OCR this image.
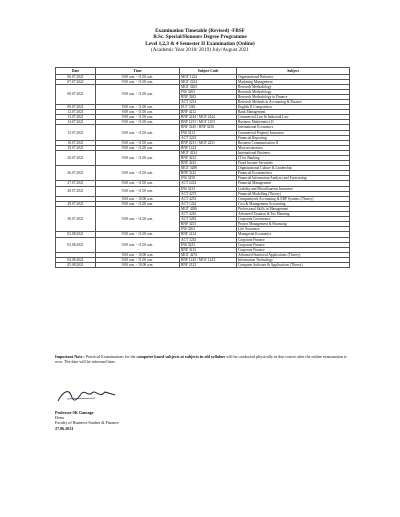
Examination Timetable (Revised) -FBSF
B.Sc. Special/Honours Degree Programme
Level 1,2,3 & 4 Semester II Examination (Online)
(Academic Year 2018/ 2019) July/August 2021
Date	Time	Subject Code	Subject
06.07.2021	9.00 a.m. - 11.00 a.m.	MGT 1224	Organizational Behavior
07.07.2022	9.00 a.m. - 11.00 a.m.	MGT 2224	Marketing Management
08.07.2021	9.00 a.m. - 11.00 a.m.	MGT 3263	Research Methodology
		INS 3263	Research Methodology
		BNF 3263	Research Methodology in Finance
		ACT 3214	Research Methods in Accounting & Finance
09.07.2021	9.00 a.m. - 11.00 a.m.	ELT 1240	English II Composition
12.07.2021	9.00 a.m. - 11.00 a.m.	BNF 4212	Bank Management
13.07.2021	9.00 a.m. - 11.00 a.m.	BNF 2244 / MGT 2244	Commercial Law & Industrial Law
14.07.2021	9.00 a.m. - 11.00 a.m.	BNF 1253 / MGT 1253	Business Mathematics II
15.07.2021	9.00 a.m. - 11.00 a.m.	BNF 3245 / BNF 3250	International Economics
		INS 3213	Commercial Property Insurance
		ACT 3223	Financial Reporting
16.07.2021	9.00 a.m. - 11.00 a.m.	BNF 2231 / MGT 2231	Business Communication II
19.07.2021	9.00 a.m. - 11.00 a.m.	BNF 1224	Macroeconomics
20.07.2021	9.00 a.m. - 11.00 a.m.	MGT 4234	International Business
		BNF 4222	IT for Banking
		BNF 4242	Fixed Income Securities
26.07.2021	9.00 a.m. - 11.00 a.m.	MGT 3288	Organizational Culture & Leadership
		BNF 3222	Financial Econometrics
		INS 3250	Financial Information Analysis and Forecasting
27.07.2021	9.00 a.m. - 11.00 a.m.	ACT 2224	Financial Management
28.07.2021	9.00 a.m. - 11.00 a.m.	INS 3233	Liability and Miscellaneous Insurance
		ACT 4273	Financial Modelling (Theory)
	9.00 a.m. - 10.00 a.m.	ACT 4253	Computerized Accounting & ERP Systems (Theory)
29.07.2021	9.00 a.m. - 11.00 a.m.	ACT 1224	Cost & Management Accounting
30.07.2021	9.00 a.m. - 11.00 a.m.	MGT 4296	Professional Skills in Management
		ACT 4243	Advanced Taxation & Tax Planning
		ACT 3263	Corporate Governance
		BNF 3253	Project Management & Financing
		INS 3263	Life Assurance
02.08.2021	9.00 a.m. - 11.00 a.m.	BNF 2214	Managerial Economics
03.08.2021	9.00 a.m. - 11.00 a.m.	ACT 3233	Corporate Finance
		INS 3223	Corporate Finance
		BNF 3213	Corporate Finance
	9.00 a.m. - 10.00 a.m.	MGT 4274	Advanced Statistical Applications (Theory)
04.08.2021	9.00 a.m. - 11.00 a.m.	BNF 1243 / MGT 1243	Information Technology
05.08.2021	9.00 a.m. - 10.00 a.m.	BNF 2123	Computer Software & Applications (Theory)
Important Note : Practical Examinations for the computer based subjects at subjects in old syllabus will be conducted physically in due course after the online examination is over. The date will be informed later.
Professor SK Gamage
Dean
Faculty of Business Studies & Finance
27.06.2021
